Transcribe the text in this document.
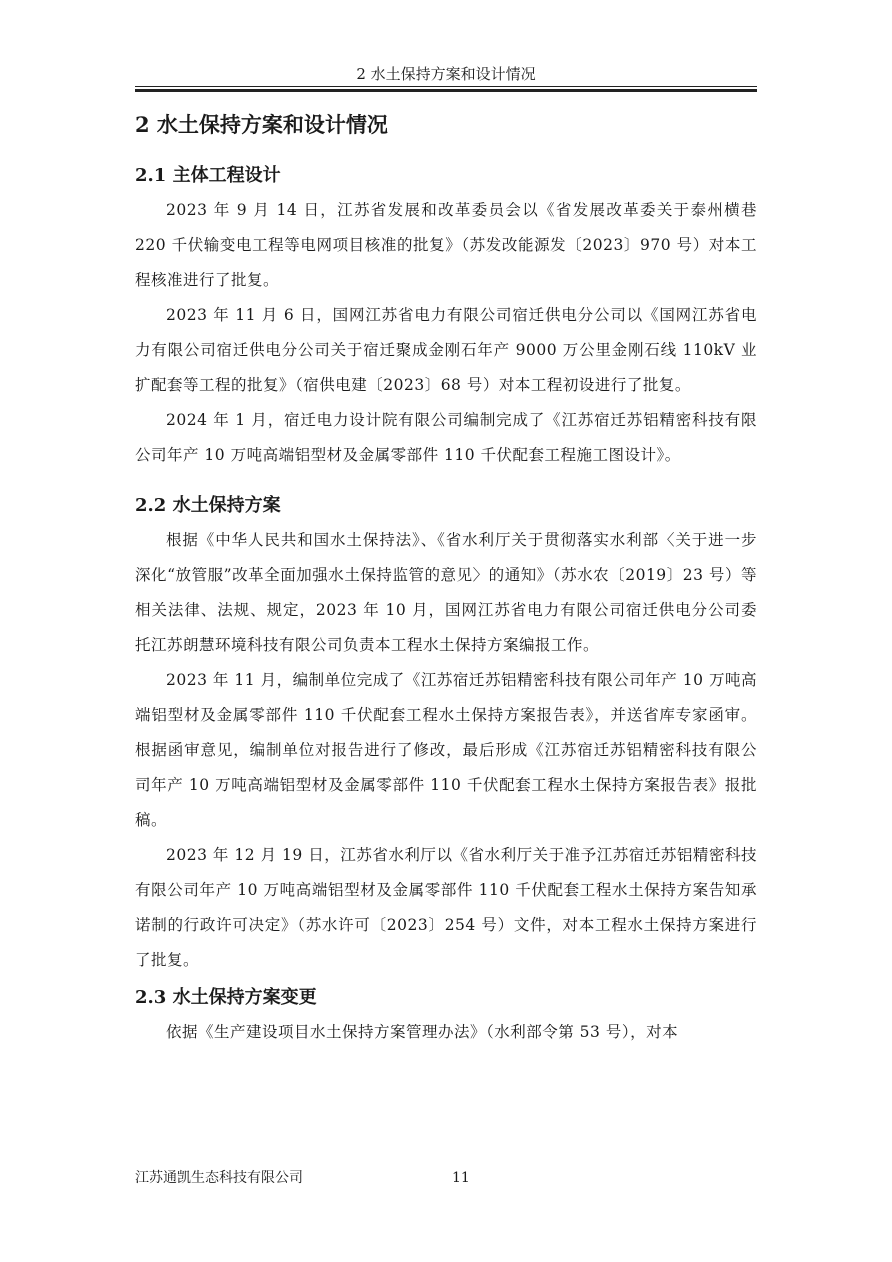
2 水土保持方案和设计情况
2 水土保持方案和设计情况
2.1 主体工程设计

2023 年 9 月 14 日，江苏省发展和改革委员会以《省发展改革委关于泰州横巷 220 千伏输变电工程等电网项目核准的批复》（苏发改能源发〔2023〕970 号）对本工程核准进行了批复。

2023 年 11 月 6 日，国网江苏省电力有限公司宿迁供电分公司以《国网江苏省电力有限公司宿迁供电分公司关于宿迁聚成金刚石年产 9000 万公里金刚石线 110kV 业扩配套等工程的批复》（宿供电建〔2023〕68 号）对本工程初设进行了批复。

2024 年 1 月，宿迁电力设计院有限公司编制完成了《江苏宿迁苏铝精密科技有限公司年产 10 万吨高端铝型材及金属零部件 110 千伏配套工程施工图设计》。

2.2 水土保持方案

根据《中华人民共和国水土保持法》、《省水利厅关于贯彻落实水利部〈关于进一步深化“放管服”改革全面加强水土保持监管的意见〉的通知》（苏水农〔2019〕23 号）等相关法律、法规、规定，2023 年 10 月，国网江苏省电力有限公司宿迁供电分公司委托江苏朗慧环境科技有限公司负责本工程水土保持方案编报工作。

2023 年 11 月，编制单位完成了《江苏宿迁苏铝精密科技有限公司年产 10 万吨高端铝型材及金属零部件 110 千伏配套工程水土保持方案报告表》，并送省库专家函审。根据函审意见，编制单位对报告进行了修改，最后形成《江苏宿迁苏铝精密科技有限公司年产 10 万吨高端铝型材及金属零部件 110 千伏配套工程水土保持方案报告表》报批稿。

2023 年 12 月 19 日，江苏省水利厅以《省水利厅关于准予江苏宿迁苏铝精密科技有限公司年产 10 万吨高端铝型材及金属零部件 110 千伏配套工程水土保持方案告知承诺制的行政许可决定》（苏水许可〔2023〕254 号）文件，对本工程水土保持方案进行了批复。

2.3 水土保持方案变更

依据《生产建设项目水土保持方案管理办法》（水利部令第 53 号），对本

江苏通凯生态科技有限公司	11
